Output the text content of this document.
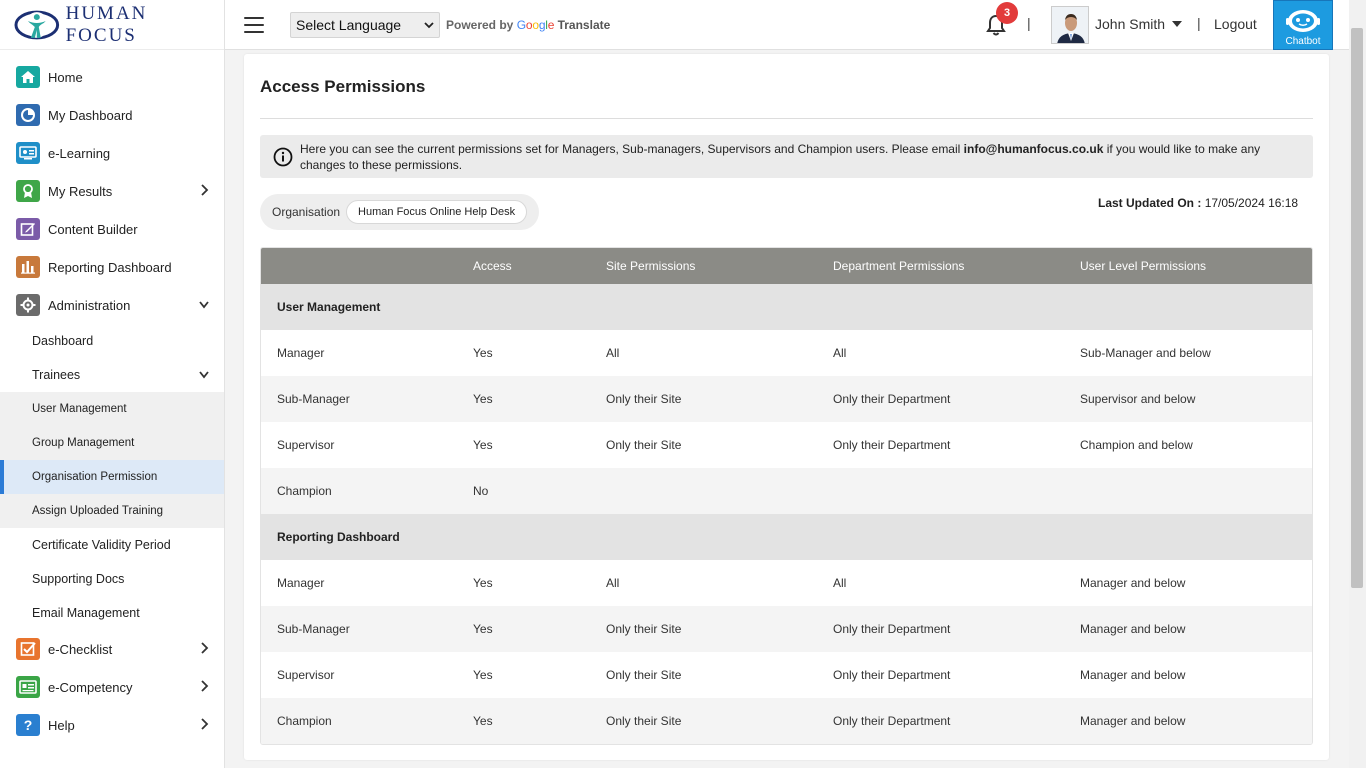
HUMAN FOCUS
Home
My Dashboard
e-Learning
My Results
Content Builder
Reporting Dashboard
Administration
Dashboard
Trainees
User Management
Group Management
Organisation Permission
Assign Uploaded Training
Certificate Validity Period
Supporting Docs
Email Management
e-Checklist
e-Competency
? Help
Select Language	Powered by Google Translate
3
|	John Smith | Logout
Chatbot
Access Permissions
Here you can see the current permissions set for Managers, Sub-managers, Supervisors and Champion users. Please email info@humanfocus.co.uk if you would like to make any changes to these permissions.
Organisation	Human Focus Online Help Desk
Last Updated On : 17/05/2024 16:18
Access	Site Permissions	Department Permissions	User Level Permissions
User Management
Manager	Yes	All	All	Sub-Manager and below
Sub-Manager	Yes	Only their Site	Only their Department	Supervisor and below
Supervisor	Yes	Only their Site	Only their Department	Champion and below
Champion	No
Reporting Dashboard
Manager	Yes	All	All	Manager and below
Sub-Manager	Yes	Only their Site	Only their Department	Manager and below
Supervisor	Yes	Only their Site	Only their Department	Manager and below
Champion	Yes	Only their Site	Only their Department	Manager and below
